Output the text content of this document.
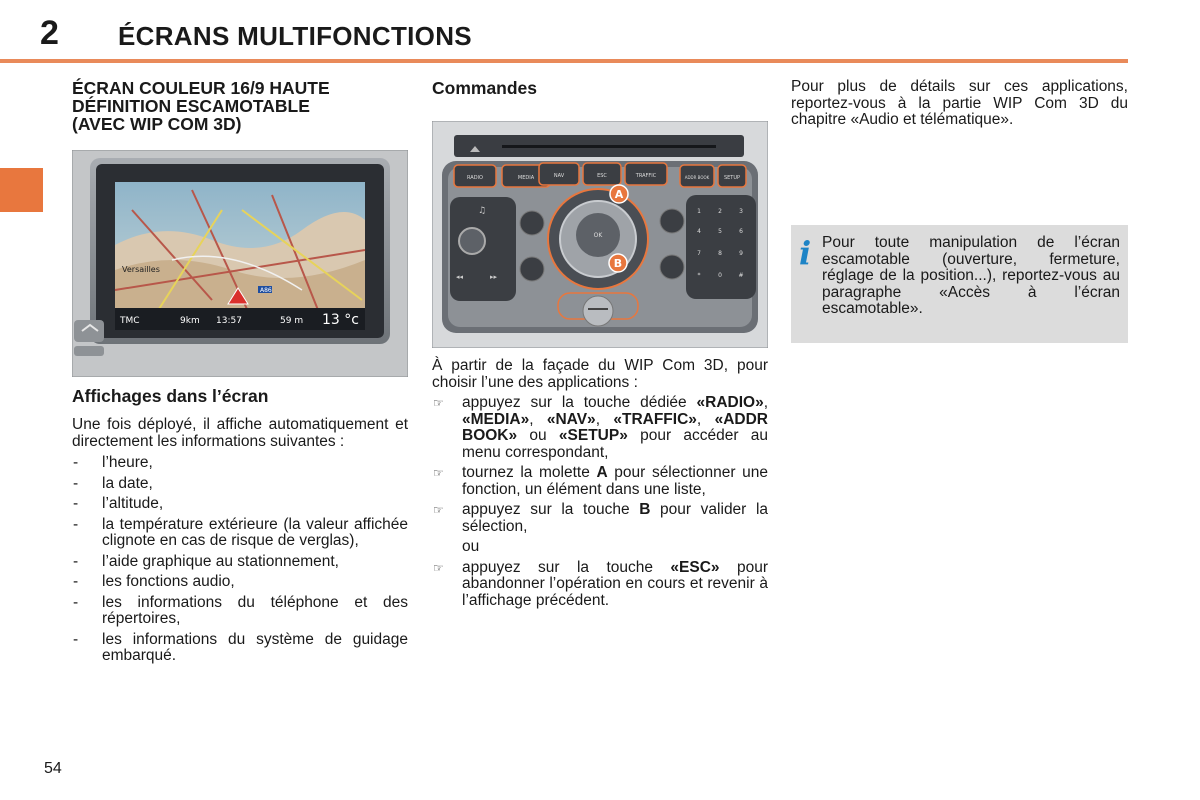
2 ÉCRANS MULTIFONCTIONS
ÉCRAN COULEUR 16/9 HAUTE
DÉFINITION ESCAMOTABLE
(AVEC WIP COM 3D)
Versailles
A86
TMC	9km 13:57	59 m 13 °c
Affichages dans l’écran

Une fois déployé, il affiche automatiquement et directement les informations suivantes :

- l’heure,
- la date,
- l’altitude,
- la température extérieure (la valeur affichée clignote en cas de risque de verglas),
- l’aide graphique au stationnement,
- les fonctions audio,
- les informations du téléphone et des répertoires,
- les informations du système de guidage embarqué.
Commandes
RADIO	MEDIA	NAV	ESC	TRAFFIC	ADDR BOOK	SETUP
♫
◂◂	▸▸
OK
A
B
1	2	3
4	5	6
7	8	9
*	0	#

À partir de la façade du WIP Com 3D, pour choisir l’une des applications :

☞ appuyez sur la touche dédiée «RADIO», «MEDIA», «NAV», «TRAFFIC», «ADDR BOOK» ou «SETUP» pour accéder au menu correspondant,
☞ tournez la molette A pour sélectionner une fonction, un élément dans une liste,
☞ appuyez sur la touche B pour valider la sélection,

ou

☞ appuyez sur la touche «ESC» pour abandonner l’opération en cours et revenir à l’affichage précédent.

Pour plus de détails sur ces applications, reportez-vous à la partie WIP Com 3D du chapitre «Audio et télématique».

i Pour toute manipulation de l’écran escamotable (ouverture, fermeture, réglage de la position...), reportez-vous au paragraphe «Accès à l’écran escamotable».

54
